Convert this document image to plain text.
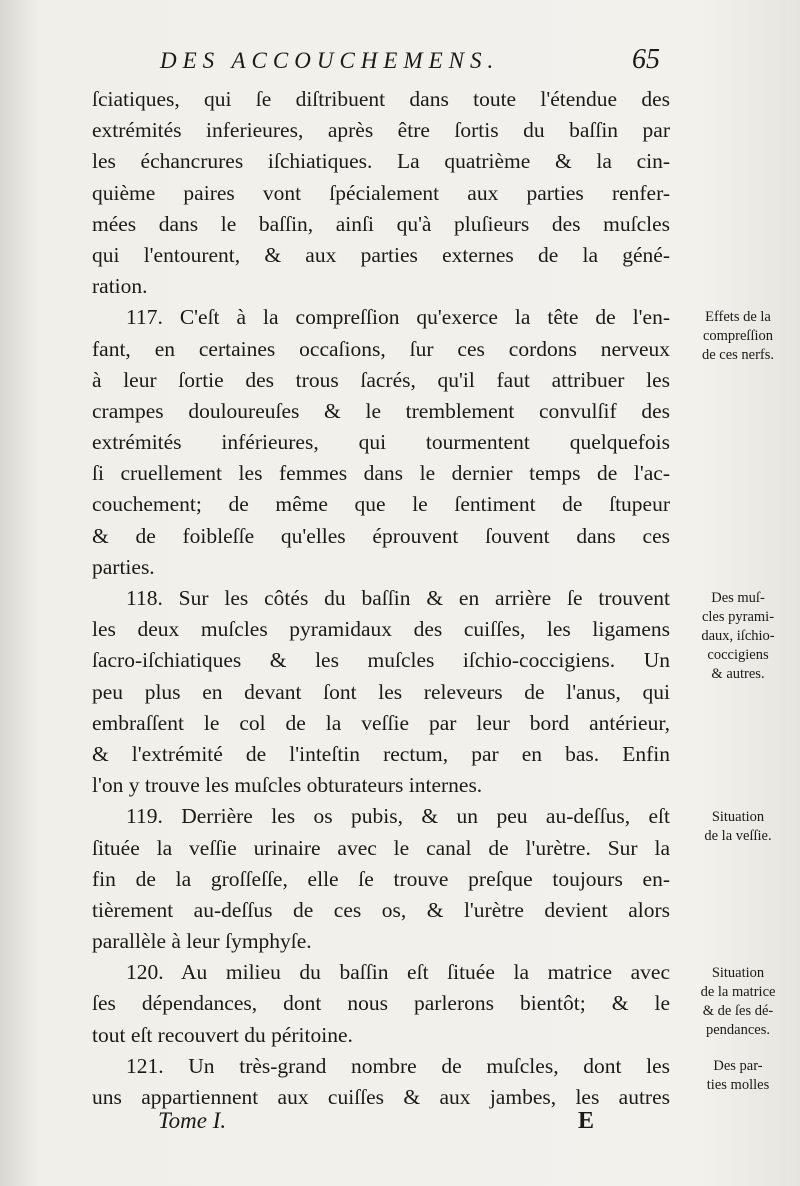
DES ACCOUCHEMENS.	65
ſciatiques, qui ſe diſtribuent dans toute l'étendue des
extrémités inferieures, après être ſortis du baſſin par
les échancrures iſchiatiques. La quatrième & la cin-
quième paires vont ſpécialement aux parties renfer-
mées dans le baſſin, ainſi qu'à pluſieurs des muſcles
qui l'entourent, & aux parties externes de la géné-
ration.
117. C'eſt à la compreſſion qu'exerce la tête de l'en-
fant, en certaines occaſions, ſur ces cordons nerveux
à leur ſortie des trous ſacrés, qu'il faut attribuer les
crampes douloureuſes & le tremblement convulſif des
extrémités inférieures, qui tourmentent quelquefois
ſi cruellement les femmes dans le dernier temps de l'ac-
couchement; de même que le ſentiment de ſtupeur
& de foibleſſe qu'elles éprouvent ſouvent dans ces
parties.
118. Sur les côtés du baſſin & en arrière ſe trouvent
les deux muſcles pyramidaux des cuiſſes, les ligamens
ſacro-iſchiatiques & les muſcles iſchio-coccigiens. Un
peu plus en devant ſont les releveurs de l'anus, qui
embraſſent le col de la veſſie par leur bord antérieur,
& l'extrémité de l'inteſtin rectum, par en bas. Enfin
l'on y trouve les muſcles obturateurs internes.
119. Derrière les os pubis, & un peu au-deſſus, eſt
ſituée la veſſie urinaire avec le canal de l'urètre. Sur la
fin de la groſſeſſe, elle ſe trouve preſque toujours en-
tièrement au-deſſus de ces os, & l'urètre devient alors
parallèle à leur ſymphyſe.
120. Au milieu du baſſin eſt ſituée la matrice avec
ſes dépendances, dont nous parlerons bientôt; & le
tout eſt recouvert du péritoine.
121. Un très-grand nombre de muſcles, dont les
uns appartiennent aux cuiſſes & aux jambes, les autres
Effets de la
compreſſion
de ces nerfs.
Des muſ-
cles pyrami-
daux, iſchio-
coccigiens
& autres.
Situation
de la veſſie.
Situation
de la matrice
& de ſes dé-
pendances.
Des par-
ties molles
Tome I.	E
